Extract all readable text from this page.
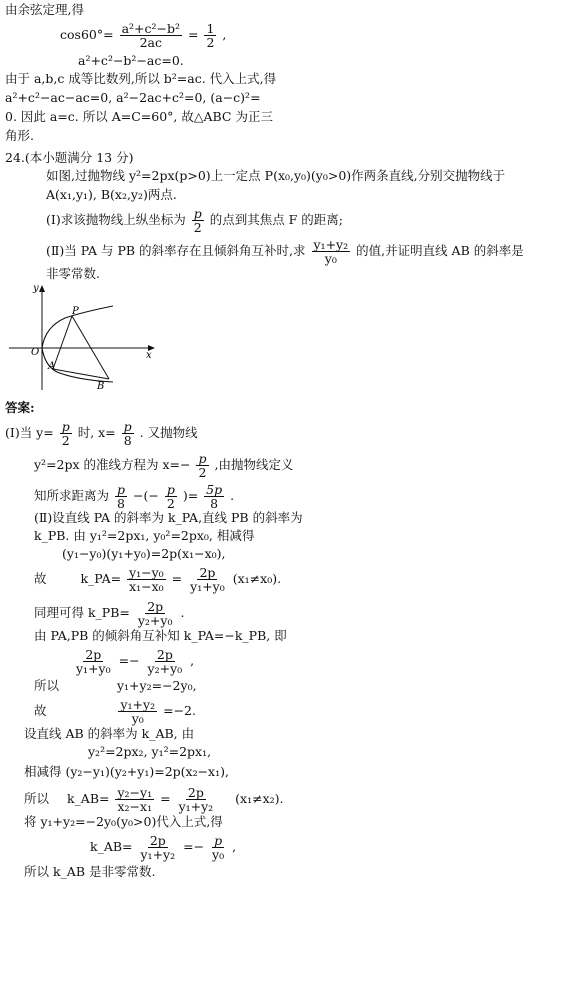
由余弦定理,得
$\cos 60^\circ= \frac{\text{a²+c²−b²}}{2ac} = \frac{1}{2}$ ,
a²+c²−b²−ac=0.
由于 a,b,c 成等比数列,所以 b²=ac. 代入上式,得
a²+c²−ac−ac=0, a²−2ac+c²=0, (a−c)²=
0. 因此 a=c. 所以 A=C=60°, 故△ABC 为正三
角形.
24.(本小题满分 13 分)
如图,过抛物线 y²=2px(p>0)上一定点 P(x₀,y₀)(y₀>0)作两条直线,分别交抛物线于
A(x₁,y₁), B(x₂,y₂)两点.
(Ⅰ)求该抛物线上纵坐标为 $\frac{p}{2}$ 的点到其焦点 F 的距离;
(Ⅱ)当 PA 与 PB 的斜率存在且倾斜角互补时,求 $\frac{\text{y₁+y₂}}{\text{y₀}}$ 的值,并证明直线 AB 的斜率是
非零常数.
y
x
O
P
A
B
答案:
(Ⅰ)当 $y= \frac{p}{2}$ 时, $x= \frac{p}{8}$ . 又抛物线
y²=2px 的准线方程为 $x=- \frac{p}{2}$ ,由抛物线定义
知所求距离为 $\frac{p}{8}$ −(− $\frac{p}{2}$ )= $\frac{5p}{8}$ .
(Ⅱ)设直线 PA 的斜率为 k_PA,直线 PB 的斜率为
k_PB. 由 y₁²=2px₁, y₀²=2px₀, 相减得
(y₁−y₀)(y₁+y₀)=2p(x₁−x₀),
故	k_PA= $\frac{\text{y₁−y₀}}{\text{x₁−x₀}} = \frac{2p}{\text{y₁+y₀}} (x_1\ne x_0)$.
同理可得 k_PB= $\frac{2p}{\text{y₂+y₀}}$ .
由 PA,PB 的倾斜角互补知 k_PA=−k_PB, 即
$\frac{2p}{\text{y₁+y₀}} =- \frac{2p}{\text{y₂+y₀}}$ ,
所以	y₁+y₂=−2y₀,
故	$\frac{\text{y₁+y₂}}{\text{y₀}} =-2$.
设直线 AB 的斜率为 k_AB, 由
y₂²=2px₂, y₁²=2px₁,
相减得 (y₂−y₁)(y₂+y₁)=2p(x₂−x₁),
所以 k_AB= $\frac{\text{y₂−y₁}}{\text{x₂−x₁}} = \frac{2p}{\text{y₁+y₂}} (x_1\ne x_2)$.
将 y₁+y₂=−2y₀(y₀>0)代入上式,得
k_AB= $\frac{2p}{\text{y₁+y₂}} =- \frac{p}{\text{y₀}}$ ,
所以 k_AB 是非零常数.
